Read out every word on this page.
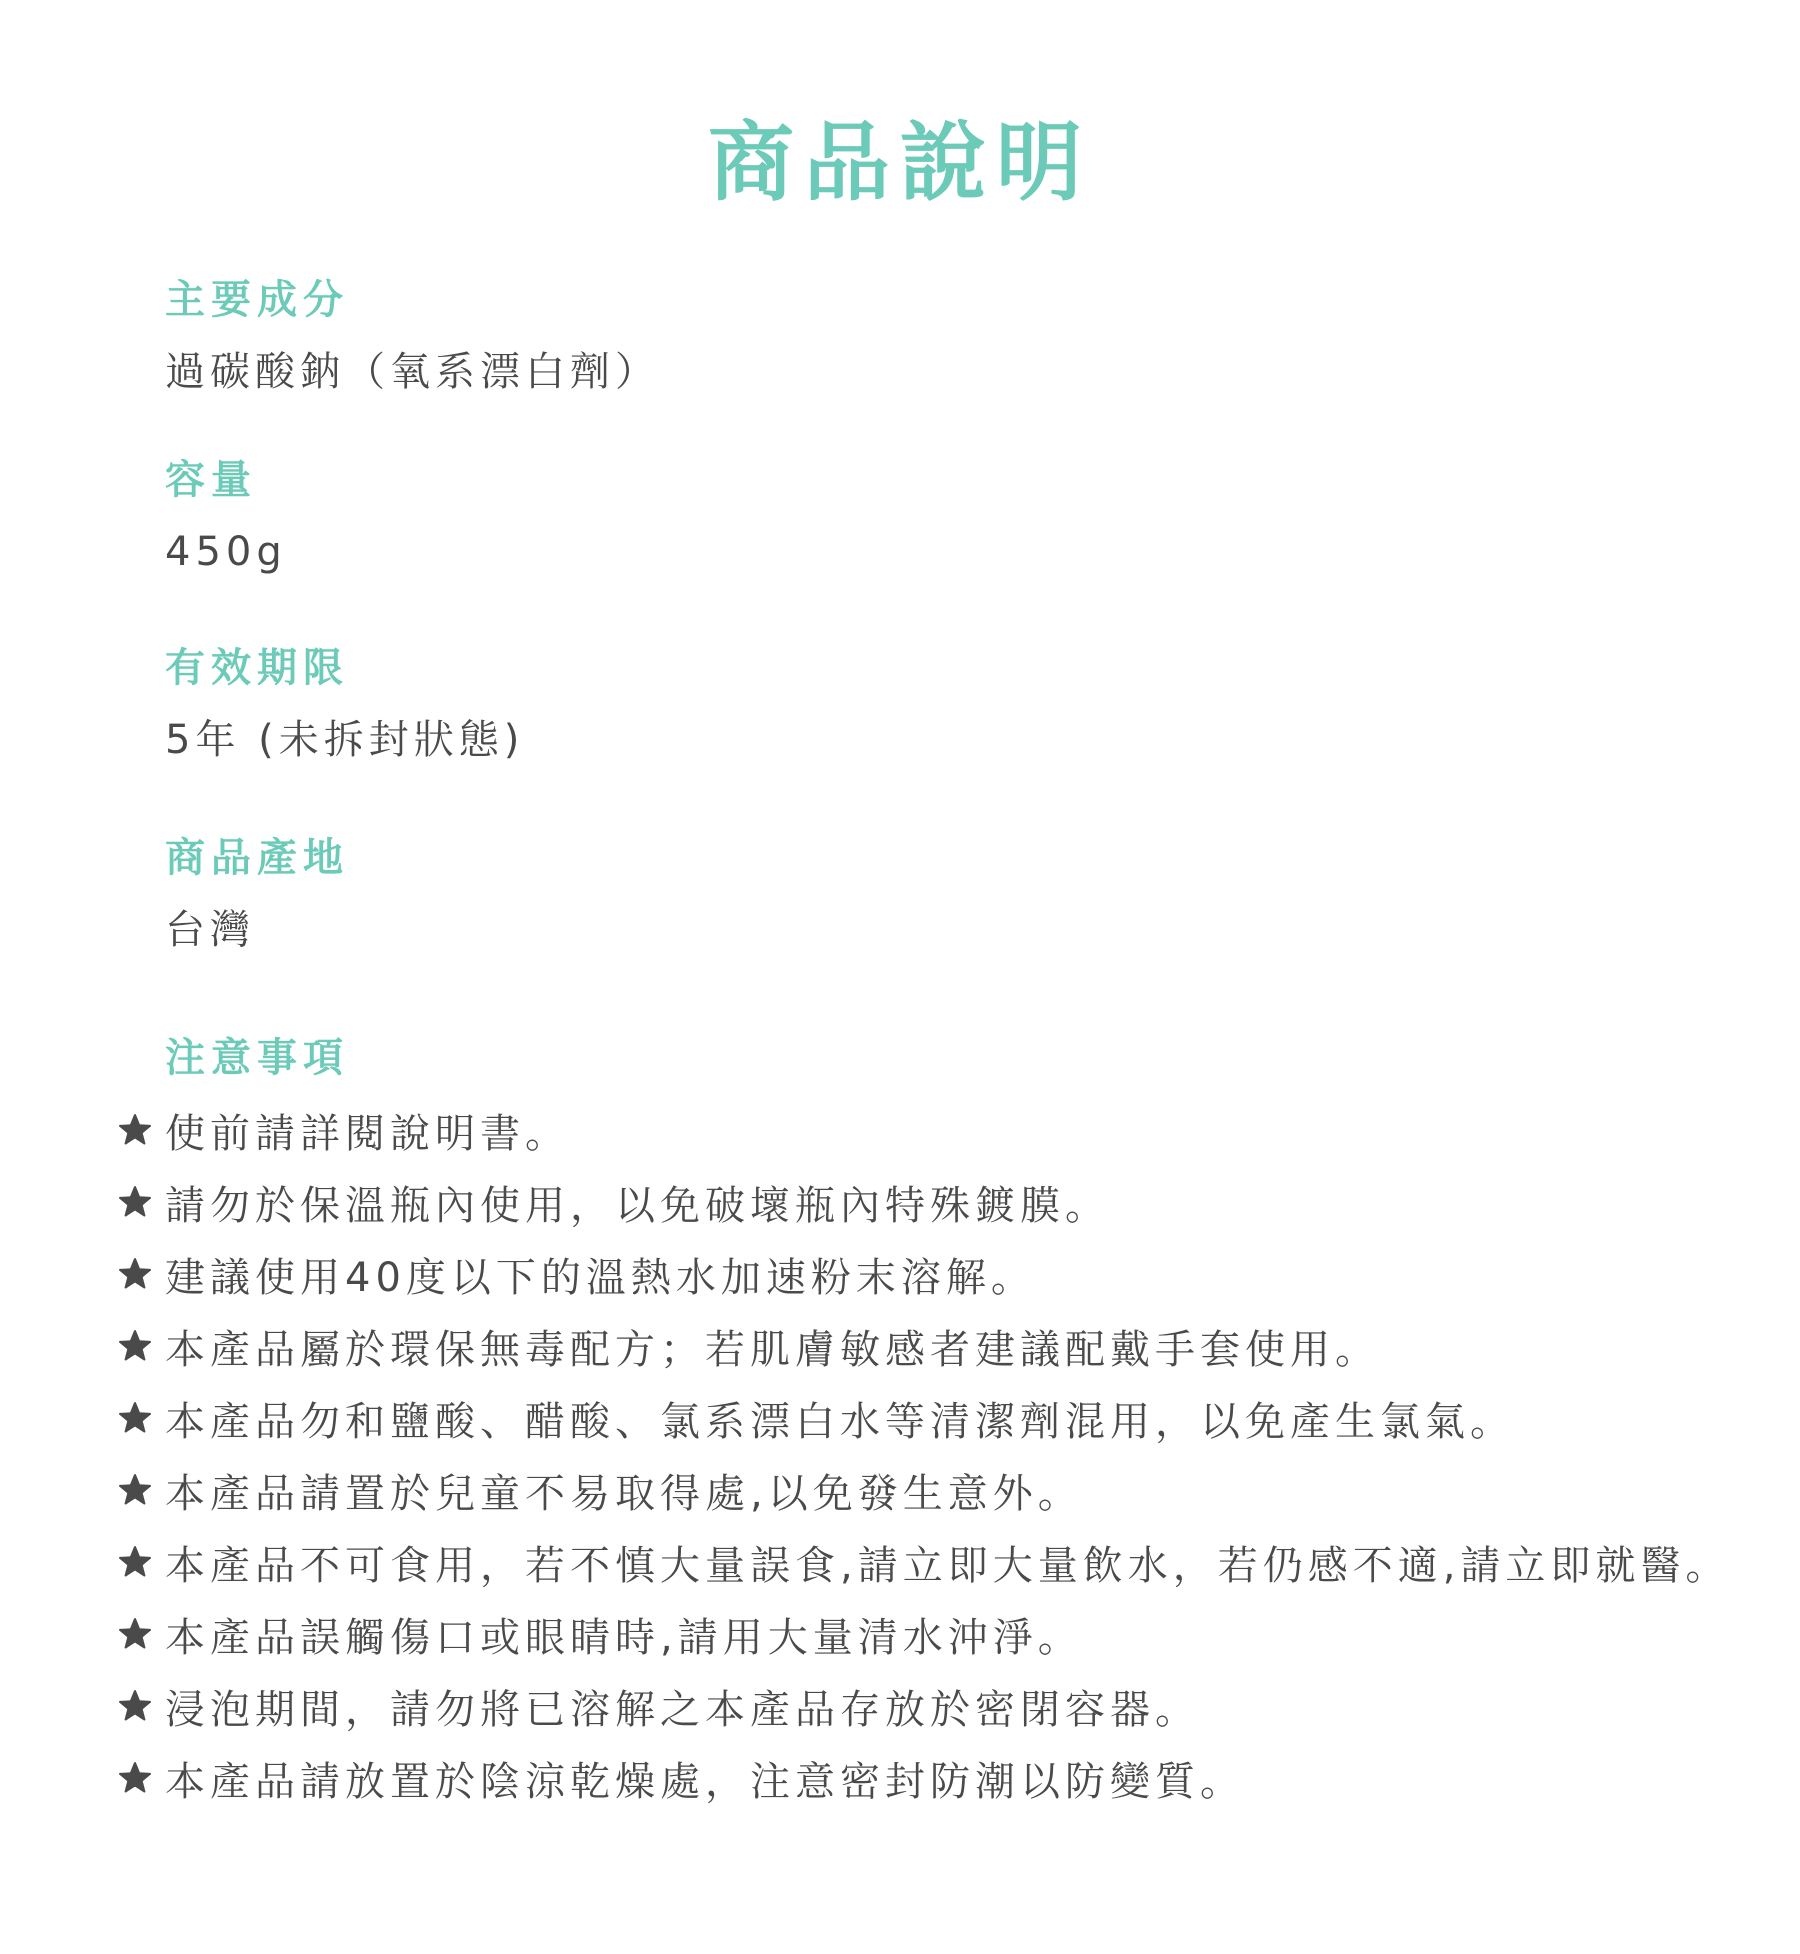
商品說明
主要成分
過碳酸鈉（氧系漂白劑）
容量
450g
有效期限
5年 (未拆封狀態)
商品產地
台灣
注意事項
使前請詳閱說明書。
請勿於保溫瓶內使用，以免破壞瓶內特殊鍍膜。
建議使用40度以下的溫熱水加速粉末溶解。
本產品屬於環保無毒配方；若肌膚敏感者建議配戴手套使用。
本產品勿和鹽酸、醋酸、氯系漂白水等清潔劑混用，以免產生氯氣。
本產品請置於兒童不易取得處,以免發生意外。
本產品不可食用，若不慎大量誤食,請立即大量飲水，若仍感不適,請立即就醫。
本產品誤觸傷口或眼睛時,請用大量清水沖淨。
浸泡期間，請勿將已溶解之本產品存放於密閉容器。
本產品請放置於陰涼乾燥處，注意密封防潮以防變質。
